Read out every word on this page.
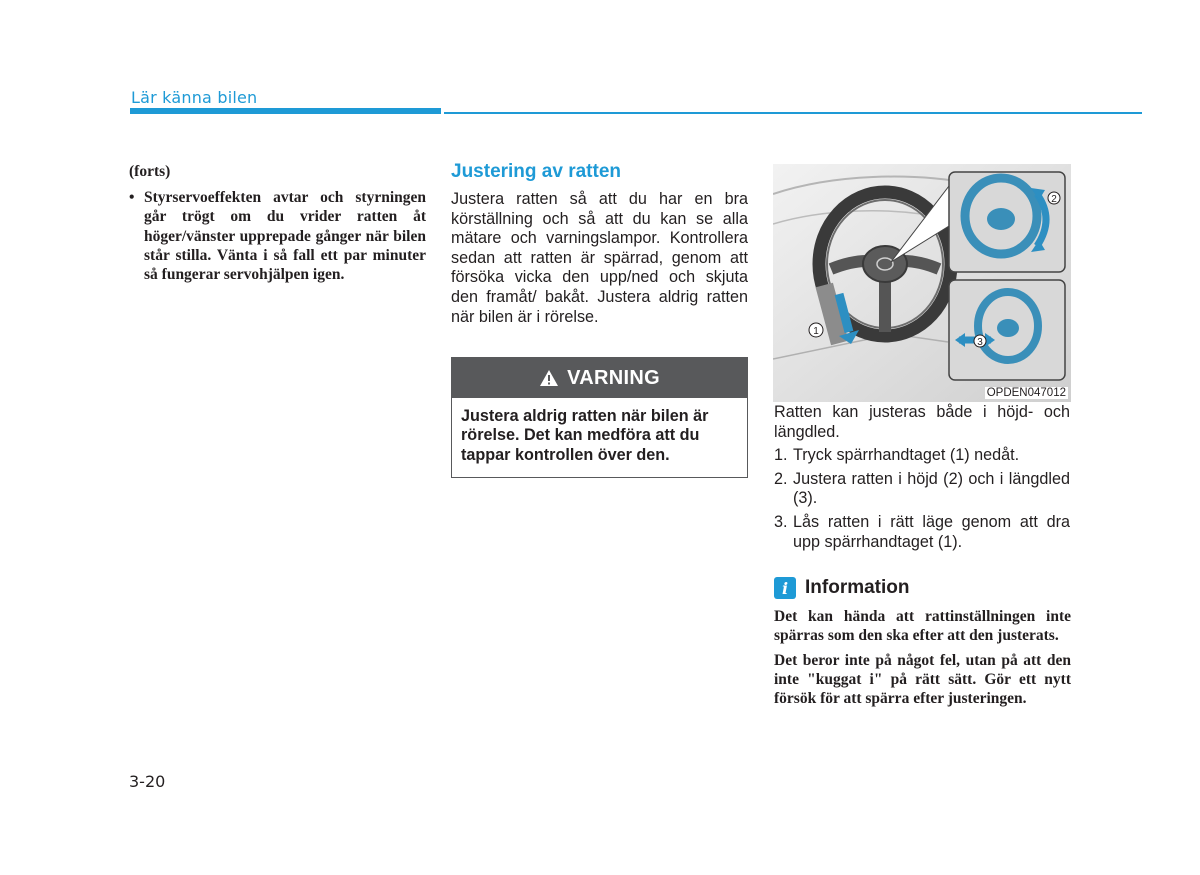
Lär känna bilen

(forts)

• Styrservoeffekten avtar och styrningen går trögt om du vrider ratten åt höger/vänster upprepade gånger när bilen står stilla. Vänta i så fall ett par minuter så fungerar servohjälpen igen.

Justering av ratten

Justera ratten så att du har en bra körställning och så att du kan se alla mätare och varningslampor. Kontrollera sedan att ratten är spärrad, genom att försöka vicka den upp/ned och skjuta den framåt/ bakåt. Justera aldrig ratten när bilen är i rörelse.

VARNING
Justera aldrig ratten när bilen är rörelse. Det kan medföra att du tappar kontrollen över den.
1
2
3
OPDEN047012

Ratten kan justeras både i höjd- och längdled.

1. Tryck spärrhandtaget (1) nedåt.
2. Justera ratten i höjd (2) och i längdled (3).
3. Lås ratten i rätt läge genom att dra upp spärrhandtaget (1).
i Information

Det kan hända att rattinställningen inte spärras som den ska efter att den justerats.

Det beror inte på något fel, utan på att den inte "kuggat i" på rätt sätt. Gör ett nytt försök för att spärra efter justeringen.

3-20
